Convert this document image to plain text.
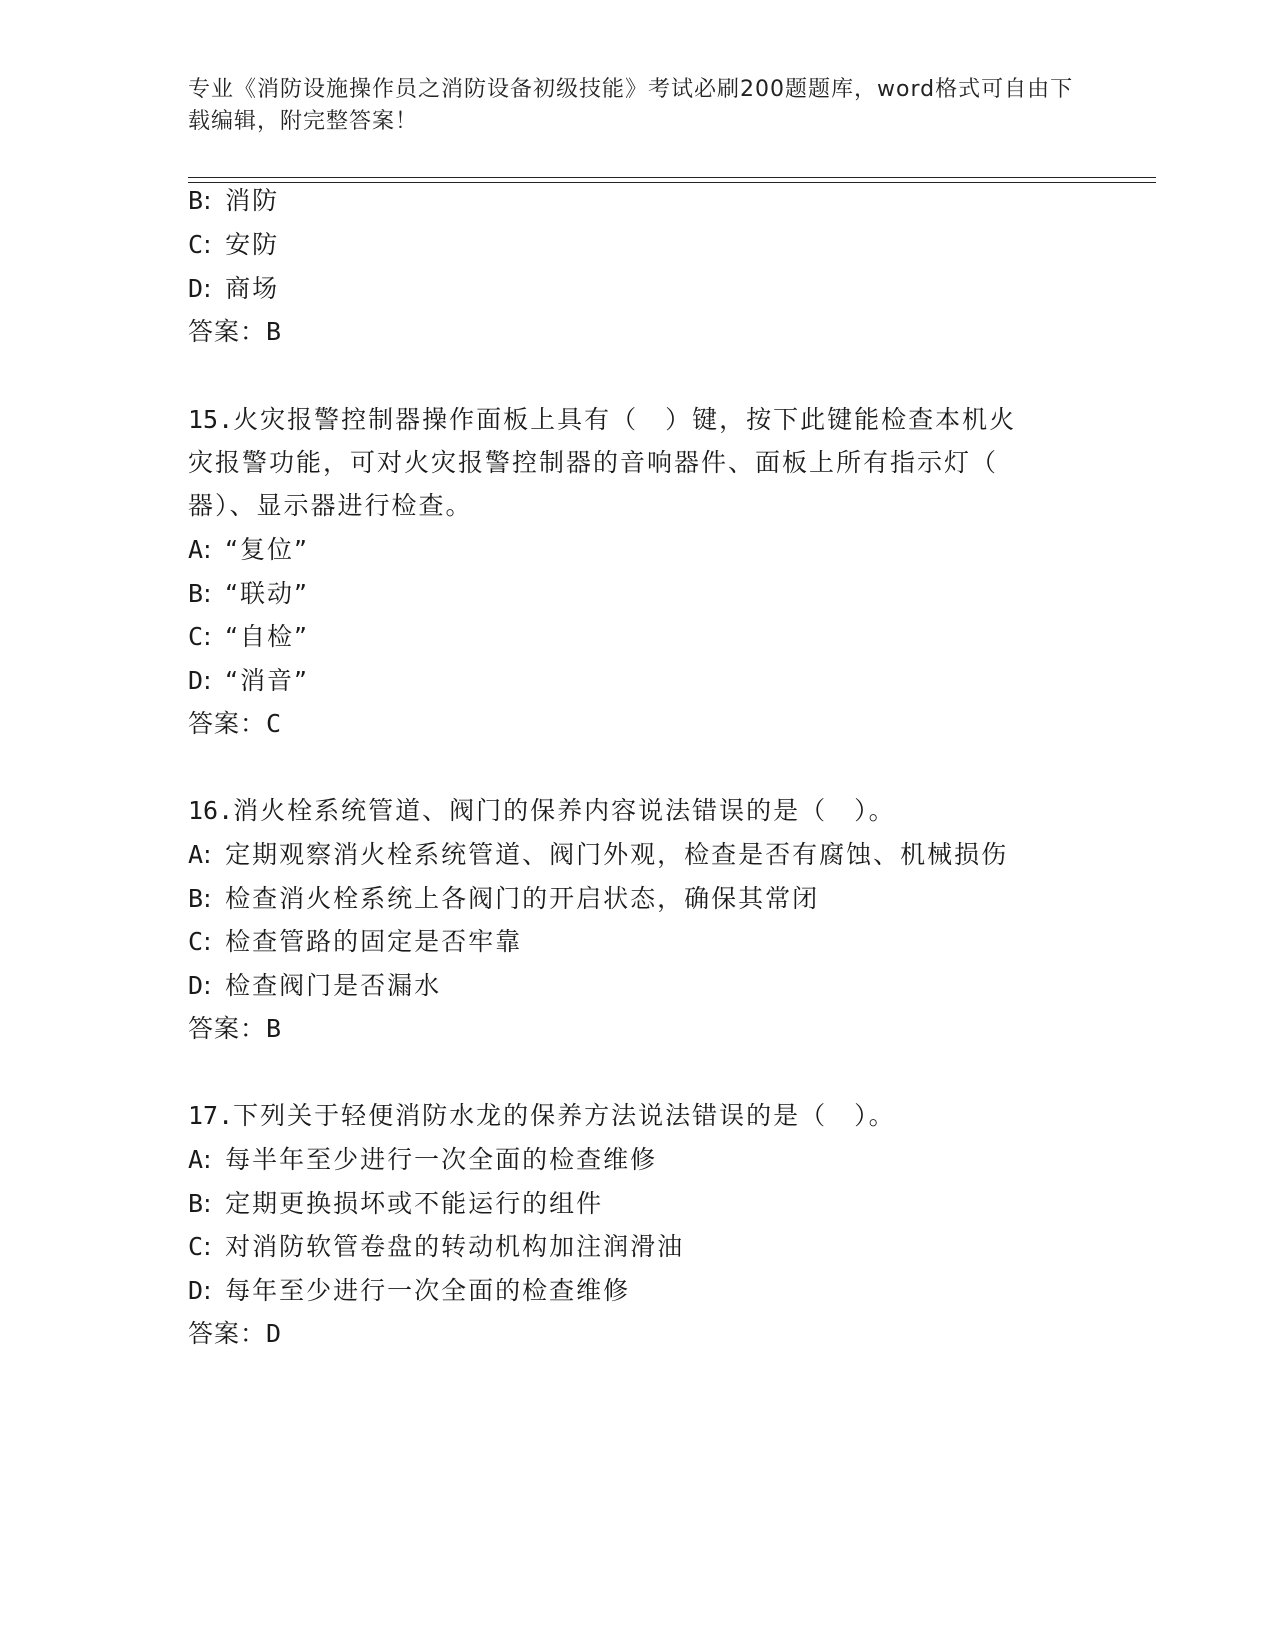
专业《消防设施操作员之消防设备初级技能》考试必刷200题题库，word格式可自由下载编辑，附完整答案！
B: 消防
C: 安防
D: 商场
答案：B
15.火灾报警控制器操作面板上具有（　）键，按下此键能检查本机火
灾报警功能，可对火灾报警控制器的音响器件、面板上所有指示灯（
器）、显示器进行检查。
A: “复位”
B: “联动”
C: “自检”
D: “消音”
答案：C
16.消火栓系统管道、阀门的保养内容说法错误的是（　）。
A: 定期观察消火栓系统管道、阀门外观，检查是否有腐蚀、机械损伤
B: 检查消火栓系统上各阀门的开启状态，确保其常闭
C: 检查管路的固定是否牢靠
D: 检查阀门是否漏水
答案：B
17.下列关于轻便消防水龙的保养方法说法错误的是（　）。
A: 每半年至少进行一次全面的检查维修
B: 定期更换损坏或不能运行的组件
C: 对消防软管卷盘的转动机构加注润滑油
D: 每年至少进行一次全面的检查维修
答案：D
